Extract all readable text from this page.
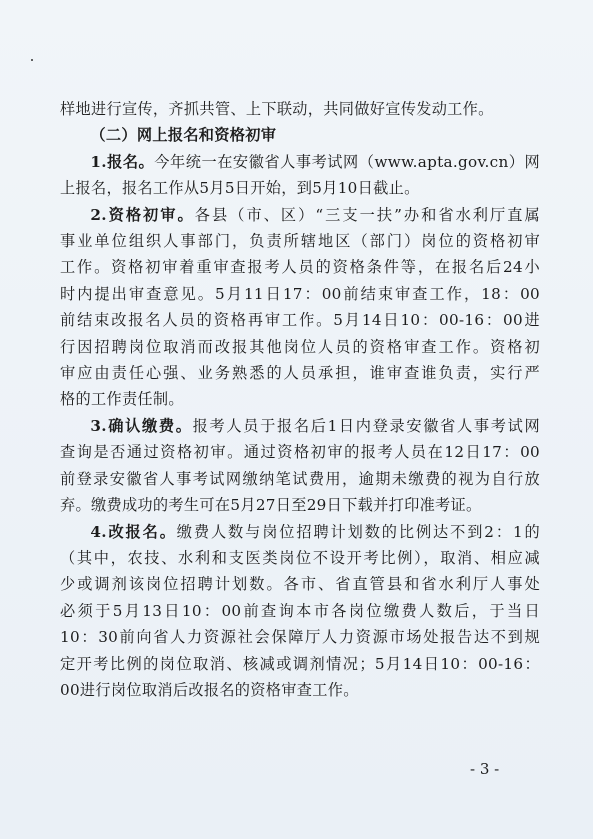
样地进行宣传，齐抓共管、上下联动，共同做好宣传发动工作。

（二）网上报名和资格初审

1.报名。今年统一在安徽省人事考试网（www.apta.gov.cn）网

上报名，报名工作从5月5日开始，到5月10日截止。

2.资格初审。各县（市、区）“三支一扶”办和省水利厅直属

事业单位组织人事部门，负责所辖地区（部门）岗位的资格初审

工作。资格初审着重审查报考人员的资格条件等，在报名后24小

时内提出审查意见。5月11日17：00前结束审查工作，18：00

前结束改报名人员的资格再审工作。5月14日10：00-16：00进

行因招聘岗位取消而改报其他岗位人员的资格审查工作。资格初

审应由责任心强、业务熟悉的人员承担，谁审查谁负责，实行严

格的工作责任制。

3.确认缴费。报考人员于报名后1日内登录安徽省人事考试网

查询是否通过资格初审。通过资格初审的报考人员在12日17：00

前登录安徽省人事考试网缴纳笔试费用，逾期未缴费的视为自行放

弃。缴费成功的考生可在5月27日至29日下载并打印准考证。

4.改报名。缴费人数与岗位招聘计划数的比例达不到2：1的

（其中，农技、水利和支医类岗位不设开考比例），取消、相应减

少或调剂该岗位招聘计划数。各市、省直管县和省水利厅人事处

必须于5月13日10：00前查询本市各岗位缴费人数后，于当日

10：30前向省人力资源社会保障厅人力资源市场处报告达不到规

定开考比例的岗位取消、核减或调剂情况；5月14日10：00-16：

00进行岗位取消后改报名的资格审查工作。

- 3 -
